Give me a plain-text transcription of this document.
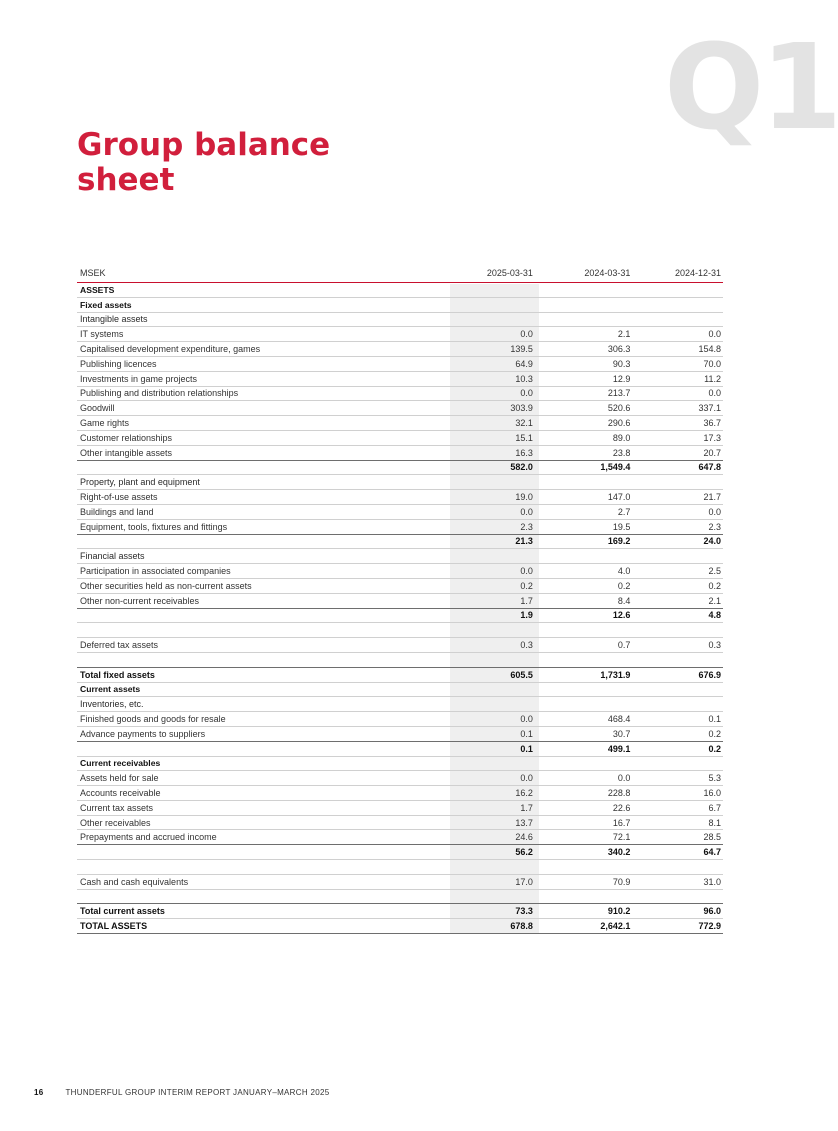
Q1
Group balance
sheet
MSEK	2025-03-31	2024-03-31	2024-12-31
ASSETS
Fixed assets
Intangible assets
IT systems	0.0	2.1	0.0
Capitalised development expenditure, games	139.5	306.3	154.8
Publishing licences	64.9	90.3	70.0
Investments in game projects	10.3	12.9	11.2
Publishing and distribution relationships	0.0	213.7	0.0
Goodwill	303.9	520.6	337.1
Game rights	32.1	290.6	36.7
Customer relationships	15.1	89.0	17.3
Other intangible assets	16.3	23.8	20.7
582.0	1,549.4	647.8
Property, plant and equipment
Right-of-use assets	19.0	147.0	21.7
Buildings and land	0.0	2.7	0.0
Equipment, tools, fixtures and fittings	2.3	19.5	2.3
21.3	169.2	24.0
Financial assets
Participation in associated companies	0.0	4.0	2.5
Other securities held as non-current assets	0.2	0.2	0.2
Other non-current receivables	1.7	8.4	2.1
1.9	12.6	4.8
Deferred tax assets	0.3	0.7	0.3
Total fixed assets	605.5	1,731.9	676.9
Current assets
Inventories, etc.
Finished goods and goods for resale	0.0	468.4	0.1
Advance payments to suppliers	0.1	30.7	0.2
0.1	499.1	0.2
Current receivables
Assets held for sale	0.0	0.0	5.3
Accounts receivable	16.2	228.8	16.0
Current tax assets	1.7	22.6	6.7
Other receivables	13.7	16.7	8.1
Prepayments and accrued income	24.6	72.1	28.5
56.2	340.2	64.7
Cash and cash equivalents	17.0	70.9	31.0
Total current assets	73.3	910.2	96.0
TOTAL ASSETS	678.8	2,642.1	772.9
16	THUNDERFUL GROUP INTERIM REPORT JANUARY–MARCH 2025
